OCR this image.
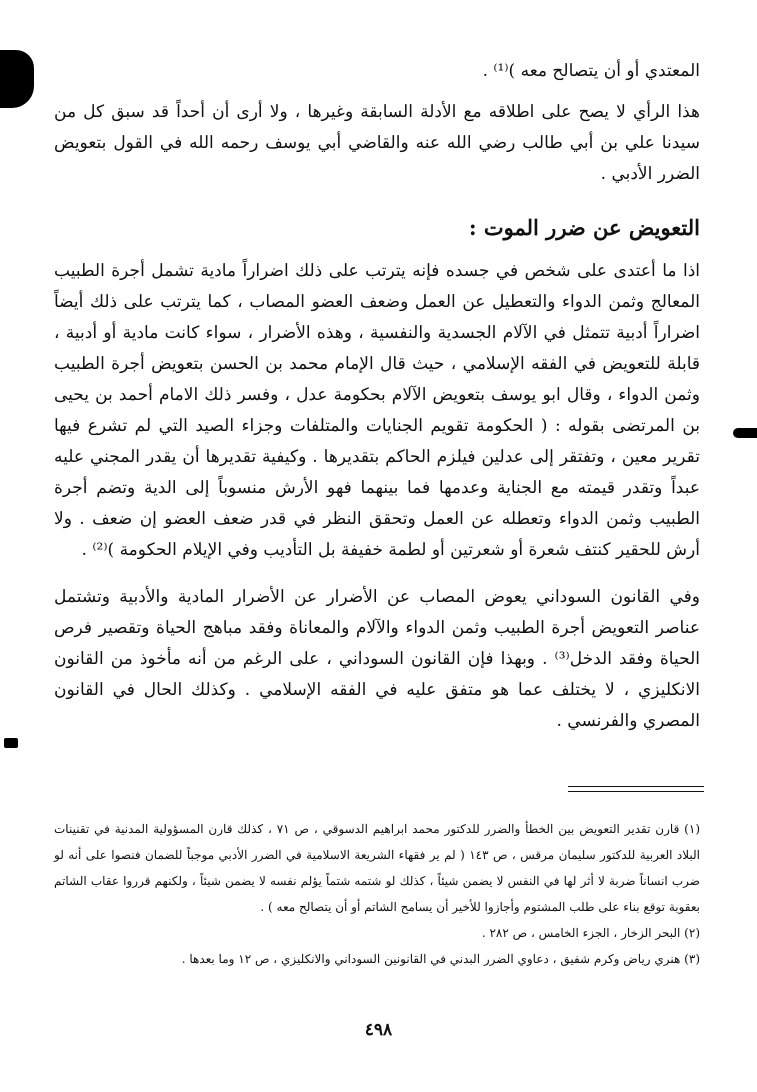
المعتدي أو أن يتصالح معه )⁽¹⁾ .

هذا الرأي لا يصح على اطلاقه مع الأدلة السابقة وغيرها ، ولا أرى أن أحداً قد سبق كل من سيدنا علي بن أبي طالب رضي الله عنه والقاضي أبي يوسف رحمه الله في القول بتعويض الضرر الأدبي .

التعويض عن ضرر الموت :

اذا ما أعتدى على شخص في جسده فإنه يترتب على ذلك اضراراً مادية تشمل أجرة الطبيب المعالج وثمن الدواء والتعطيل عن العمل وضعف العضو المصاب ، كما يترتب على ذلك أيضاً اضراراً أدبية تتمثل في الآلام الجسدية والنفسية ، وهذه الأضرار ، سواء كانت مادية أو أدبية ، قابلة للتعويض في الفقه الإسلامي ، حيث قال الإمام محمد بن الحسن بتعويض أجرة الطبيب وثمن الدواء ، وقال ابو يوسف بتعويض الآلام بحكومة عدل ، وفسر ذلك الامام أحمد بن يحيى بن المرتضى بقوله : ( الحكومة تقويم الجنايات والمتلفات وجزاء الصيد التي لم تشرع فيها تقرير معين ، وتفتقر إلى عدلين فيلزم الحاكم بتقديرها . وكيفية تقديرها أن يقدر المجني عليه عبداً وتقدر قيمته مع الجناية وعدمها فما بينهما فهو الأرش منسوباً إلى الدية وتضم أجرة الطبيب وثمن الدواء وتعطله عن العمل وتحقق النظر في قدر ضعف العضو إن ضعف . ولا أرش للحقير كنتف شعرة أو شعرتين أو لطمة خفيفة بل التأديب وفي الإيلام الحكومة )⁽²⁾ .

وفي القانون السوداني يعوض المصاب عن الأضرار عن الأضرار المادية والأدبية وتشتمل عناصر التعويض أجرة الطبيب وثمن الدواء والآلام والمعاناة وفقد مباهج الحياة وتقصير فرص الحياة وفقد الدخل⁽³⁾ . وبهذا فإن القانون السوداني ، على الرغم من أنه مأخوذ من القانون الانكليزي ، لا يختلف عما هو متفق عليه في الفقه الإسلامي . وكذلك الحال في القانون المصري والفرنسي .

(١) قارن تقدير التعويض بين الخطأ والضرر للدكتور محمد ابراهيم الدسوقي ، ص ٧١ ، كذلك قارن المسؤولية المدنية في تقنينات البلاد العربية للدكتور سليمان مرقس ، ص ١٤٣ ( لم ير فقهاء الشريعة الاسلامية في الضرر الأدبي موجباً للضمان فنصوا على أنه لو ضرب انساناً ضربة لا أثر لها في النفس لا يضمن شيئاً ، كذلك لو شتمه شتماً يؤلم نفسه لا يضمن شيئاً ، ولكنهم قرروا عقاب الشاتم بعقوبة توقع بناء على طلب المشتوم وأجازوا للأخير أن يسامح الشاتم أو أن يتصالح معه ) .

(٢) البحر الزخار ، الجزء الخامس ، ص ٢٨٢ .

(٣) هنري رياض وكرم شفيق ، دعاوي الضرر البدني في القانونين السوداني والانكليزي ، ص ١٢ وما بعدها .

٤٩٨
